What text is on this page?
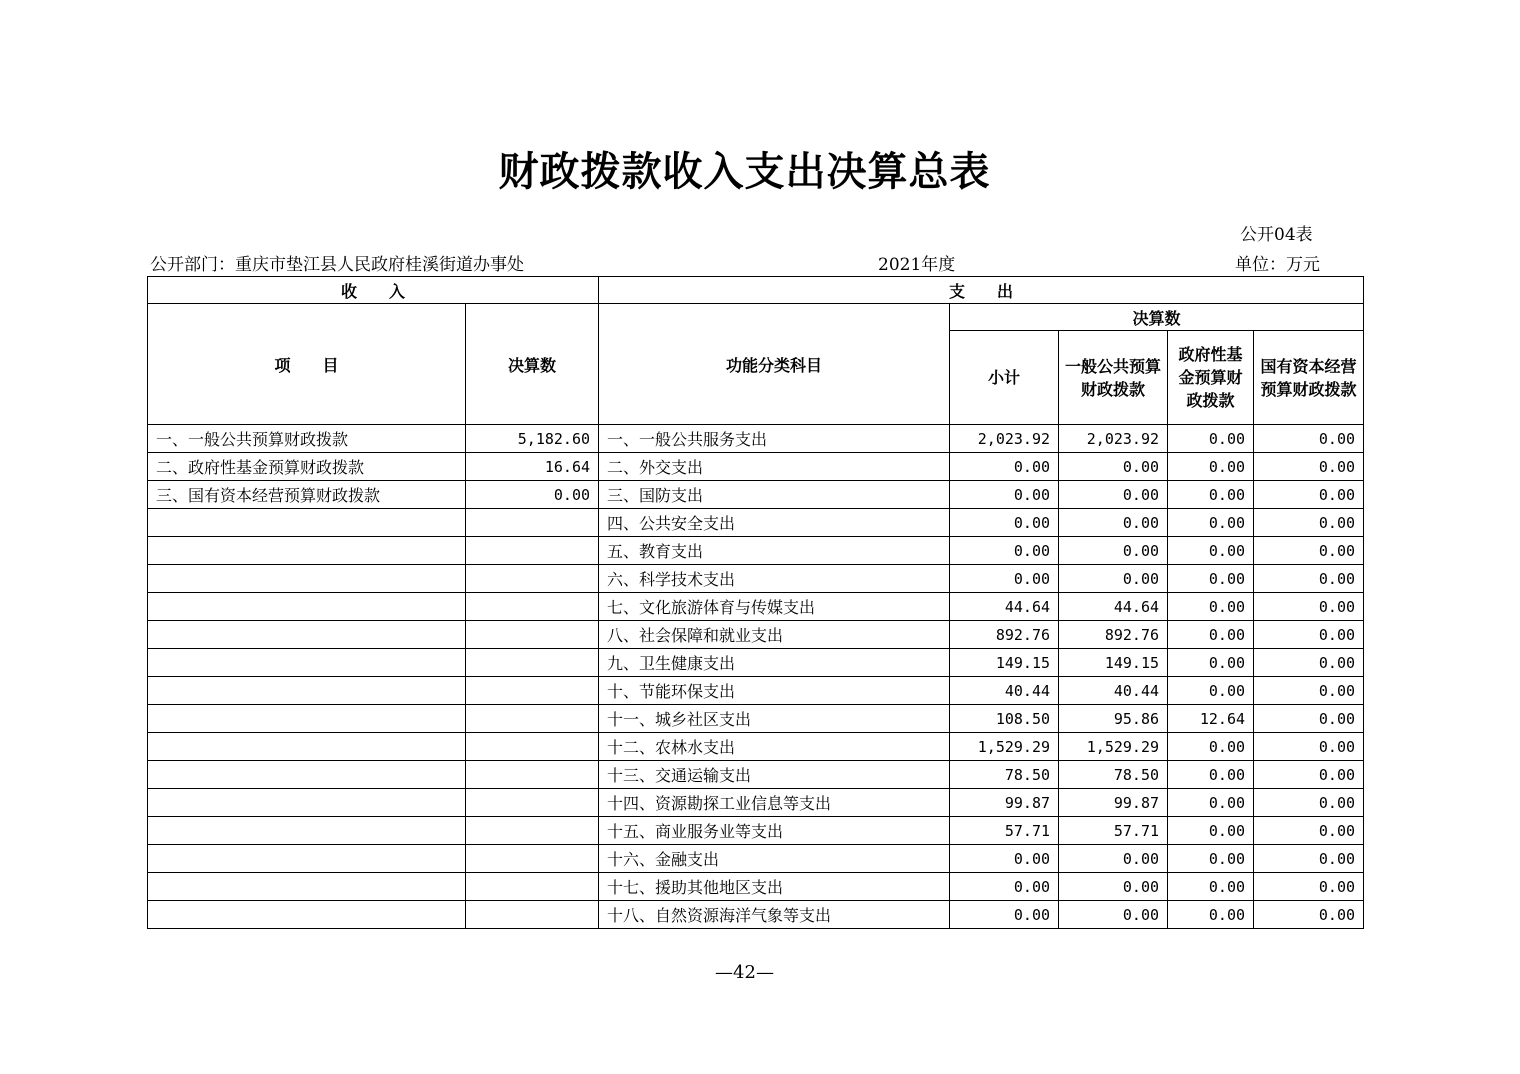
财政拨款收入支出决算总表
公开04表
公开部门：重庆市垫江县人民政府桂溪街道办事处	2021年度	单位：万元
收　　入		支　　出				
项　　目	决算数	功能分类科目	决算数			
			小计	一般公共预算财政拨款	政府性基金预算财政拨款	国有资本经营预算财政拨款
一、一般公共预算财政拨款	5,182.60	一、一般公共服务支出	2,023.92	2,023.92	0.00	0.00
二、政府性基金预算财政拨款	16.64	二、外交支出	0.00	0.00	0.00	0.00
三、国有资本经营预算财政拨款	0.00	三、国防支出	0.00	0.00	0.00	0.00
		四、公共安全支出	0.00	0.00	0.00	0.00
		五、教育支出	0.00	0.00	0.00	0.00
		六、科学技术支出	0.00	0.00	0.00	0.00
		七、文化旅游体育与传媒支出	44.64	44.64	0.00	0.00
		八、社会保障和就业支出	892.76	892.76	0.00	0.00
		九、卫生健康支出	149.15	149.15	0.00	0.00
		十、节能环保支出	40.44	40.44	0.00	0.00
		十一、城乡社区支出	108.50	95.86	12.64	0.00
		十二、农林水支出	1,529.29	1,529.29	0.00	0.00
		十三、交通运输支出	78.50	78.50	0.00	0.00
		十四、资源勘探工业信息等支出	99.87	99.87	0.00	0.00
		十五、商业服务业等支出	57.71	57.71	0.00	0.00
		十六、金融支出	0.00	0.00	0.00	0.00
		十七、援助其他地区支出	0.00	0.00	0.00	0.00
		十八、自然资源海洋气象等支出	0.00	0.00	0.00	0.00
—42—
